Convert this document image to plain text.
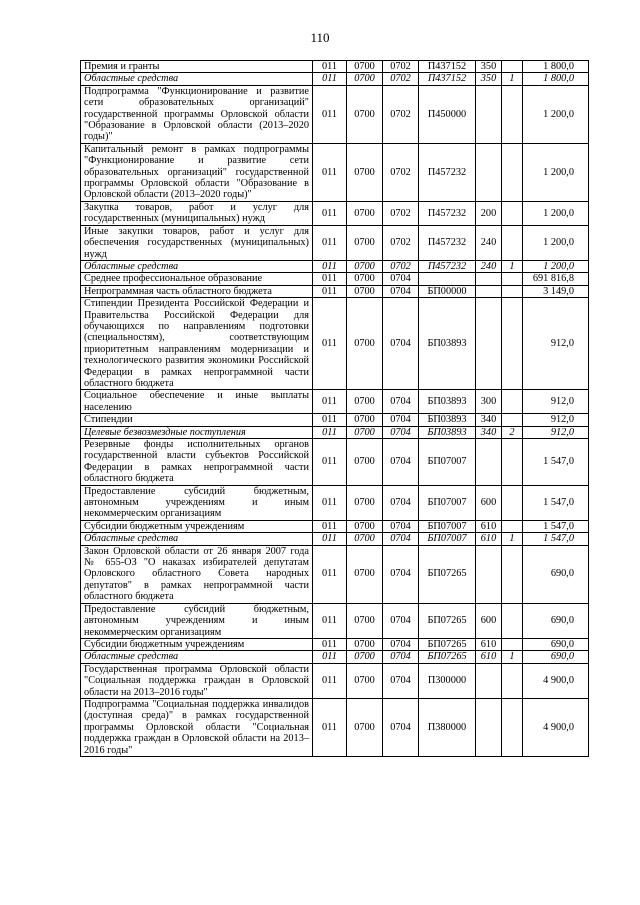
110
Премия и гранты	011	0700	0702	П437152	350		1 800,0
Областные средства	011	0700	0702	П437152	350	1	1 800,0
Подпрограмма "Функционирование и развитие сети образовательных организаций" государственной программы Орловской области "Образование в Орловской области (2013–2020 годы)"	011	0700	0702	П450000			1 200,0
Капитальный ремонт в рамках подпрограммы "Функционирование и развитие сети образовательных организаций" государственной программы Орловской области "Образование в Орловской области (2013–2020 годы)"	011	0700	0702	П457232			1 200,0
Закупка товаров, работ и услуг для государственных (муниципальных) нужд	011	0700	0702	П457232	200		1 200,0
Иные закупки товаров, работ и услуг для обеспечения государственных (муниципальных) нужд	011	0700	0702	П457232	240		1 200,0
Областные средства	011	0700	0702	П457232	240	1	1 200,0
Среднее профессиональное образование	011	0700	0704				691 816,8
Непрограммная часть областного бюджета	011	0700	0704	БП00000			3 149,0
Стипендии Президента Российской Федерации и Правительства Российской Федерации для обучающихся по направлениям подготовки (специальностям), соответствующим приоритетным направлениям модернизации и технологического развития экономики Российской Федерации в рамках непрограммной части областного бюджета	011	0700	0704	БП03893			912,0
Социальное обеспечение и иные выплаты населению	011	0700	0704	БП03893	300		912,0
Стипендии	011	0700	0704	БП03893	340		912,0
Целевые безвозмездные поступления	011	0700	0704	БП03893	340	2	912,0
Резервные фонды исполнительных органов государственной власти субъектов Российской Федерации в рамках непрограммной части областного бюджета	011	0700	0704	БП07007			1 547,0
Предоставление субсидий бюджетным, автономным учреждениям и иным некоммерческим организациям	011	0700	0704	БП07007	600		1 547,0
Субсидии бюджетным учреждениям	011	0700	0704	БП07007	610		1 547,0
Областные средства	011	0700	0704	БП07007	610	1	1 547,0
Закон Орловской области от 26 января 2007 года № 655-ОЗ "О наказах избирателей депутатам Орловского областного Совета народных депутатов" в рамках непрограммной части областного бюджета	011	0700	0704	БП07265			690,0
Предоставление субсидий бюджетным, автономным учреждениям и иным некоммерческим организациям	011	0700	0704	БП07265	600		690,0
Субсидии бюджетным учреждениям	011	0700	0704	БП07265	610		690,0
Областные средства	011	0700	0704	БП07265	610	1	690,0
Государственная программа Орловской области "Социальная поддержка граждан в Орловской области на 2013–2016 годы"	011	0700	0704	П300000			4 900,0
Подпрограмма "Социальная поддержка инвалидов (доступная среда)" в рамках государственной программы Орловской области "Социальная поддержка граждан в Орловской области на 2013–2016 годы"	011	0700	0704	П380000			4 900,0
